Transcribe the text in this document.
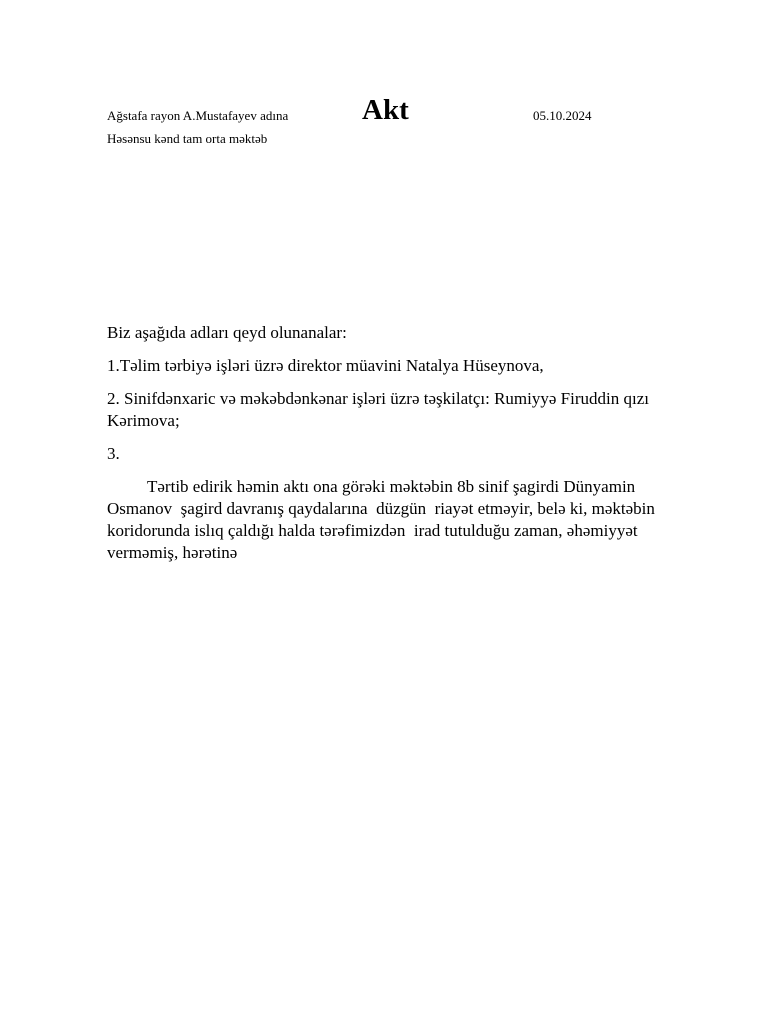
Ağstafa rayon A.Mustafayev adına
Həsənsu kənd tam orta məktəb
Akt	05.10.2024

Biz aşağıda adları qeyd olunanalar:

1.Təlim tərbiyə işləri üzrə direktor müavini Natalya Hüseynova,

2. Sinifdənxaric və məkəbdənkənar işləri üzrə təşkilatçı: Rumiyyə Firuddin qızı Kərimova;

3.

Tərtib edirik həmin aktı ona görəki məktəbin 8b sinif şagirdi Dünyamin Osmanov  şagird davranış qaydalarına  düzgün  riayət etməyir, belə ki, məktəbin koridorunda islıq çaldığı halda tərəfimizdən  irad tutulduğu zaman, əhəmiyyət verməmiş, hərətinə
